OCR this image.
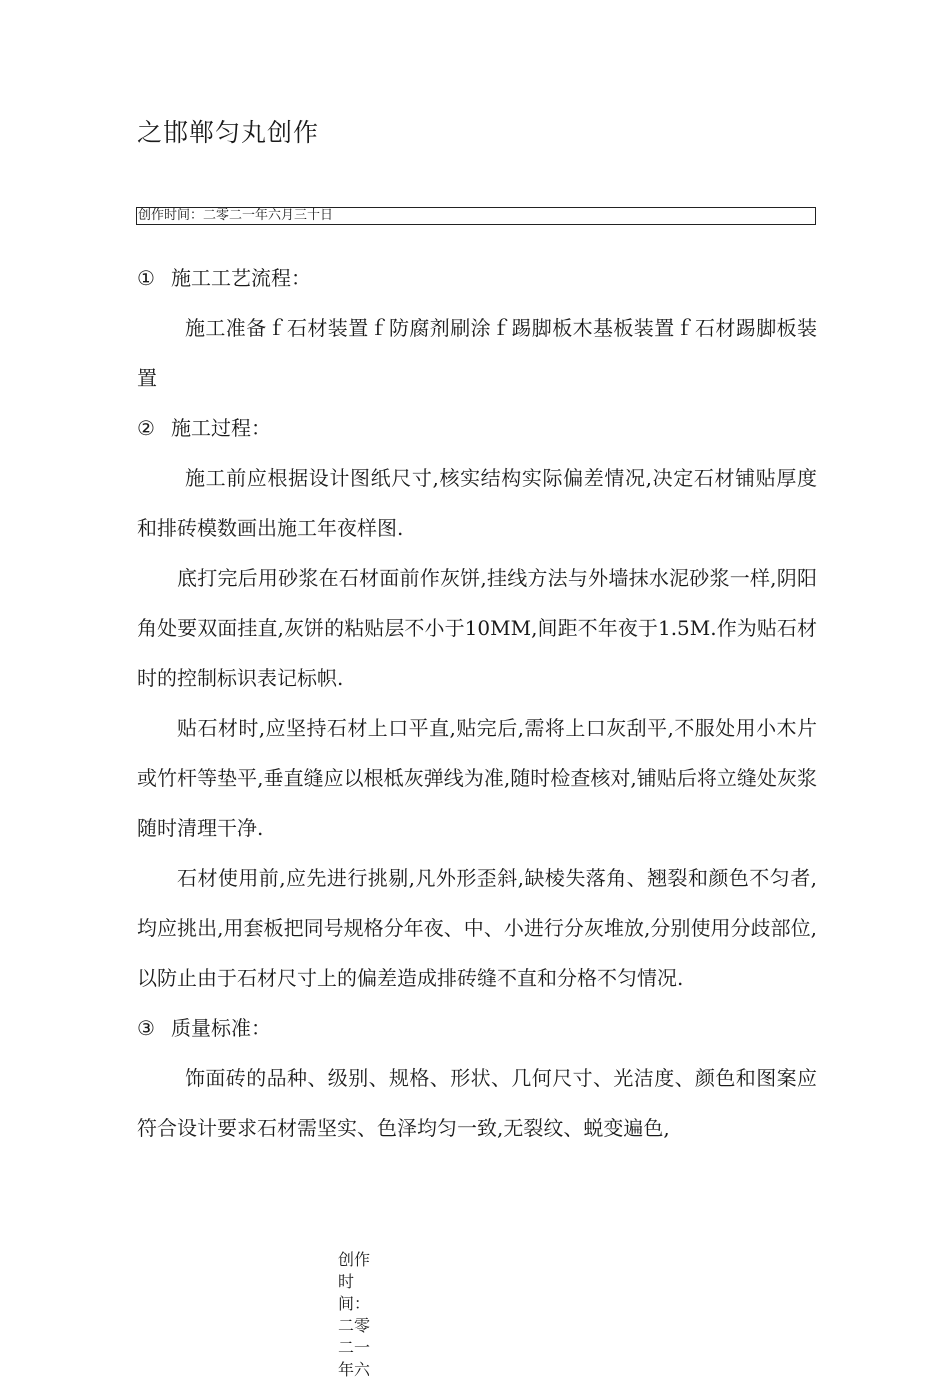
之邯郸匀丸创作
创作时间：二零二一年六月三十日

① 施工工艺流程：

施工准备ｆ石材装置ｆ防腐剂刷涂ｆ踢脚板木基板装置ｆ石材踢脚板装置

② 施工过程：

施工前应根据设计图纸尺寸,核实结构实际偏差情况,决定石材铺贴厚度和排砖模数画出施工年夜样图.

底打完后用砂浆在石材面前作灰饼,挂线方法与外墙抹水泥砂浆一样,阴阳角处要双面挂直,灰饼的粘贴层不小于10MM,间距不年夜于1.5M.作为贴石材时的控制标识表记标帜.

贴石材时,应坚持石材上口平直,贴完后,需将上口灰刮平,不服处用小木片或竹杆等垫平,垂直缝应以根柢灰弹线为准,随时检查核对,铺贴后将立缝处灰浆随时清理干净.

石材使用前,应先进行挑剔,凡外形歪斜,缺棱失落角、翘裂和颜色不匀者,均应挑出,用套板把同号规格分年夜、中、小进行分灰堆放,分别使用分歧部位,以防止由于石材尺寸上的偏差造成排砖缝不直和分格不匀情况.

③ 质量标准：

饰面砖的品种、级别、规格、形状、几何尺寸、光洁度、颜色和图案应符合设计要求石材需坚实、色泽均匀一致,无裂纹、蜕变遍色,

创作时间：二零二一年六
